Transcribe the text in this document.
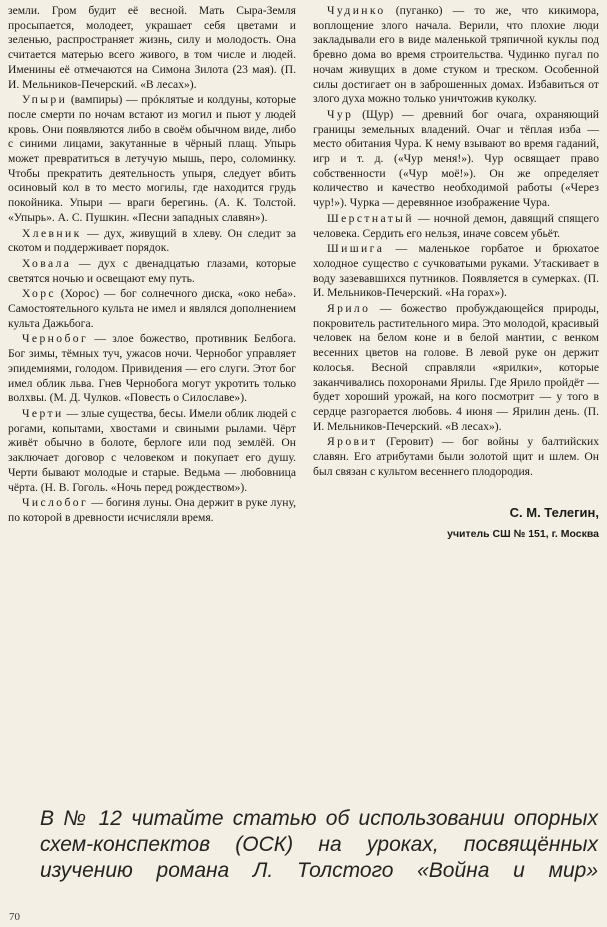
земли. Гром будит её весной. Мать Сыра-Земля просыпается, молодеет, украшает себя цветами и зеленью, распространяет жизнь, силу и молодость. Она считается матерью всего живого, в том числе и людей. Именины её отмечаются на Симона Зилота (23 мая). (П. И. Мельников-Печерский. «В лесах»).

Упыри (вампиры) — прóклятые и колдуны, которые после смерти по ночам встают из могил и пьют у людей кровь. Они появляются либо в своём обычном виде, либо с синими лицами, закутанные в чёрный плащ. Упырь может превратиться в летучую мышь, перо, соломинку. Чтобы прекратить деятельность упыря, следует вбить осиновый кол в то место могилы, где находится грудь покойника. Упыри — враги берегинь. (А. К. Толстой. «Упырь». А. С. Пушкин. «Песни западных славян»).

Хлевник — дух, живущий в хлеву. Он следит за скотом и поддерживает порядок.

Ховала — дух с двенадцатью глазами, которые светятся ночью и освещают ему путь.

Хорс (Хорос) — бог солнечного диска, «око неба». Самостоятельного культа не имел и являлся дополнением культа Дажьбога.

Чернобог — злое божество, противник Белбога. Бог зимы, тёмных туч, ужасов ночи. Чернобог управляет эпидемиями, голодом. Привидения — его слуги. Этот бог имел облик льва. Гнев Чернобога могут укротить только волхвы. (М. Д. Чулков. «Повесть о Силославе»).

Черти — злые существа, бесы. Имели облик людей с рогами, копытами, хвостами и свиными рылами. Чёрт живёт обычно в болоте, берлоге или под землёй. Он заключает договор с человеком и покупает его душу. Черти бывают молодые и старые. Ведьма — любовница чёрта. (Н. В. Гоголь. «Ночь перед рождеством»).

Числобог — богиня луны. Она держит в руке луну, по которой в древности исчисляли время.

Чудинко (пуганко) — то же, что кикимора, воплощение злого начала. Верили, что плохие люди закладывали его в виде маленькой тряпичной куклы под бревно дома во время строительства. Чудинко пугал по ночам живущих в доме стуком и треском. Особенной силы достигает он в заброшенных домах. Избавиться от злого духа можно только уничтожив куколку.

Чур (Щур) — древний бог очага, охраняющий границы земельных владений. Очаг и тёплая изба — место обитания Чура. К нему взывают во время гаданий, игр и т. д. («Чур меня!»). Чур освящает право собственности («Чур моё!»). Он же определяет количество и качество необходимой работы («Через чур!»). Чурка — деревянное изображение Чура.

Шерстнатый — ночной демон, давящий спящего человека. Сердить его нельзя, иначе совсем убьёт.

Шишига — маленькое горбатое и брюхатое холодное существо с сучковатыми руками. Утаскивает в воду зазевавшихся путников. Появляется в сумерках. (П. И. Мельников-Печерский. «На горах»).

Ярило — божество пробуждающейся природы, покровитель растительного мира. Это молодой, красивый человек на белом коне и в белой мантии, с венком весенних цветов на голове. В левой руке он держит колосья. Весной справляли «ярилки», которые заканчивались похоронами Ярилы. Где Ярило пройдёт — будет хороший урожай, на кого посмотрит — у того в сердце разгорается любовь. 4 июня — Ярилин день. (П. И. Мельников-Печерский. «В лесах»).

Яровит (Геровит) — бог войны у балтийских славян. Его атрибутами были золотой щит и шлем. Он был связан с культом весеннего плодородия.

С. М. Телегин,
учитель СШ № 151, г. Москва
В № 12 читайте статью об использовании опорных схем-конспектов (ОСК) на уроках, посвящённых изучению романа Л. Толстого «Война и мир»
70
